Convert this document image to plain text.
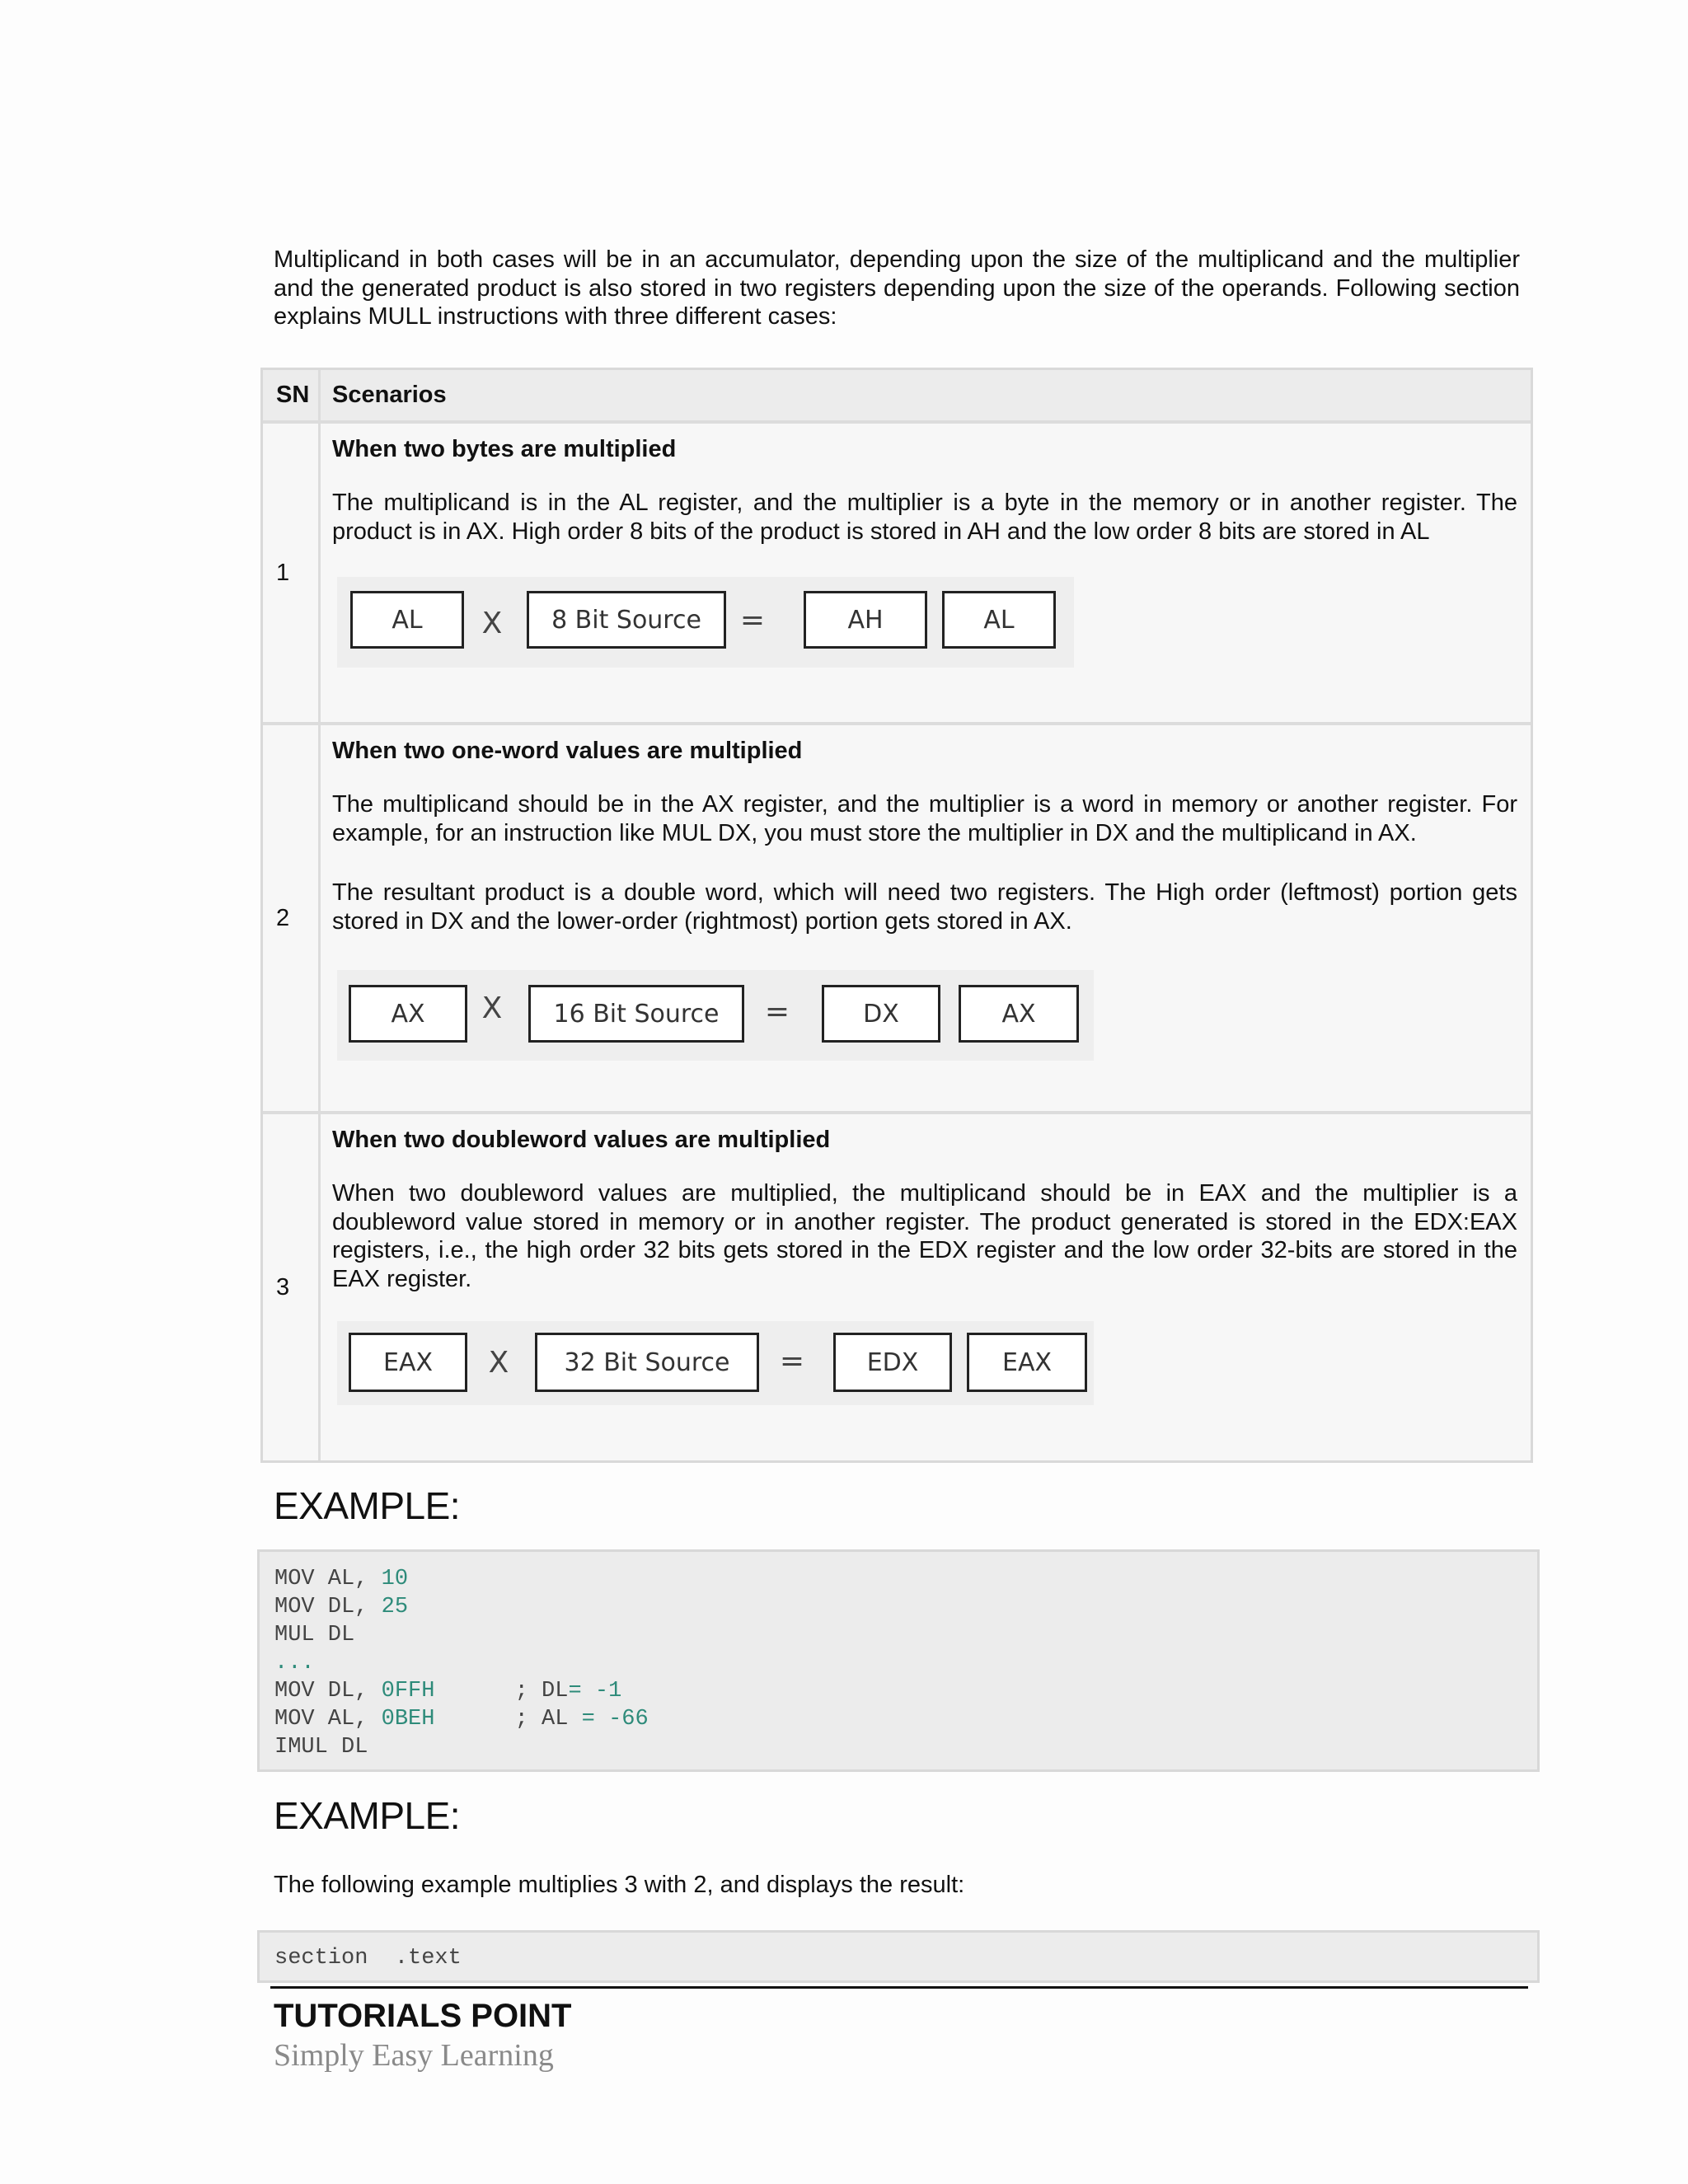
Multiplicand in both cases will be in an accumulator, depending upon the size of the multiplicand and the multiplier and the generated product is also stored in two registers depending upon the size of the operands. Following section explains MULL instructions with three different cases:

SN Scenarios
1
When two bytes are multiplied
The multiplicand is in the AL register, and the multiplier is a byte in the memory or in another register. The product is in AX. High order 8 bits of the product is stored in AH and the low order 8 bits are stored in AL
AL	X	8 Bit Source	=	AH	AL
2
When two one-word values are multiplied
The multiplicand should be in the AX register, and the multiplier is a word in memory or another register. For example, for an instruction like MUL DX, you must store the multiplier in DX and the multiplicand in AX.
The resultant product is a double word, which will need two registers. The High order (leftmost) portion gets stored in DX and the lower-order (rightmost) portion gets stored in AX.
AX	X	16 Bit Source	=	DX	AX
3
When two doubleword values are multiplied
When two doubleword values are multiplied, the multiplicand should be in EAX and the multiplier is a doubleword value stored in memory or in another register. The product generated is stored in the EDX:EAX registers, i.e., the high order 32 bits gets stored in the EDX register and the low order 32-bits are stored in the EAX register.
EAX	X	32 Bit Source	=	EDX	EAX
EXAMPLE:
MOV AL, 10
MOV DL, 25
MUL DL
...
MOV DL, 0FFH	; DL= -1
MOV AL, 0BEH	; AL = -66
IMUL DL
EXAMPLE:
The following example multiplies 3 with 2, and displays the result:
section  .text
TUTORIALS POINT
Simply Easy Learning
